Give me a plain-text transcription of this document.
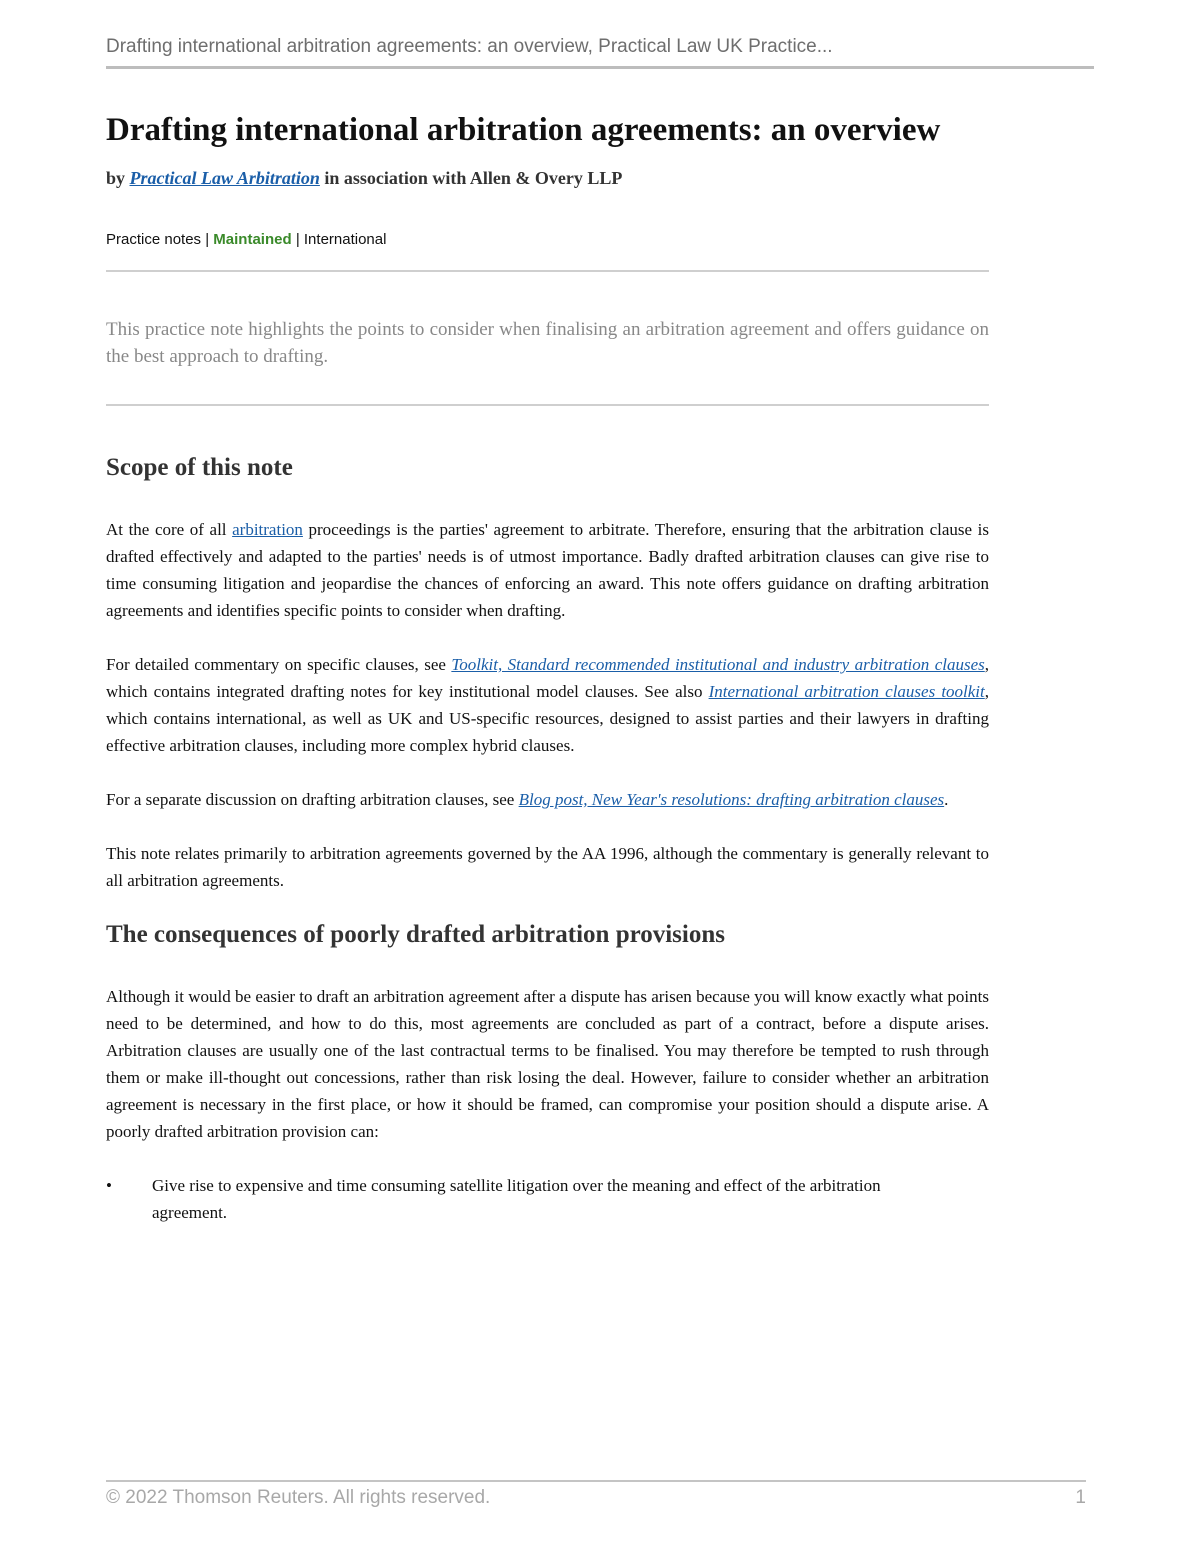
Drafting international arbitration agreements: an overview, Practical Law UK Practice...
Drafting international arbitration agreements: an overview
by Practical Law Arbitration in association with Allen & Overy LLP
Practice notes | Maintained | International

This practice note highlights the points to consider when finalising an arbitration agreement and offers guidance on the best approach to drafting.

Scope of this note

At the core of all arbitration proceedings is the parties' agreement to arbitrate. Therefore, ensuring that the arbitration clause is drafted effectively and adapted to the parties' needs is of utmost importance. Badly drafted arbitration clauses can give rise to time consuming litigation and jeopardise the chances of enforcing an award. This note offers guidance on drafting arbitration agreements and identifies specific points to consider when drafting.

For detailed commentary on specific clauses, see Toolkit, Standard recommended institutional and industry arbitration clauses, which contains integrated drafting notes for key institutional model clauses. See also International arbitration clauses toolkit, which contains international, as well as UK and US-specific resources, designed to assist parties and their lawyers in drafting effective arbitration clauses, including more complex hybrid clauses.

For a separate discussion on drafting arbitration clauses, see Blog post, New Year's resolutions: drafting arbitration clauses.

This note relates primarily to arbitration agreements governed by the AA 1996, although the commentary is generally relevant to all arbitration agreements.

The consequences of poorly drafted arbitration provisions

Although it would be easier to draft an arbitration agreement after a dispute has arisen because you will know exactly what points need to be determined, and how to do this, most agreements are concluded as part of a contract, before a dispute arises. Arbitration clauses are usually one of the last contractual terms to be finalised. You may therefore be tempted to rush through them or make ill-thought out concessions, rather than risk losing the deal. However, failure to consider whether an arbitration agreement is necessary in the first place, or how it should be framed, can compromise your position should a dispute arise. A poorly drafted arbitration provision can:

• Give rise to expensive and time consuming satellite litigation over the meaning and effect of the arbitration agreement.
© 2022 Thomson Reuters. All rights reserved.	1
